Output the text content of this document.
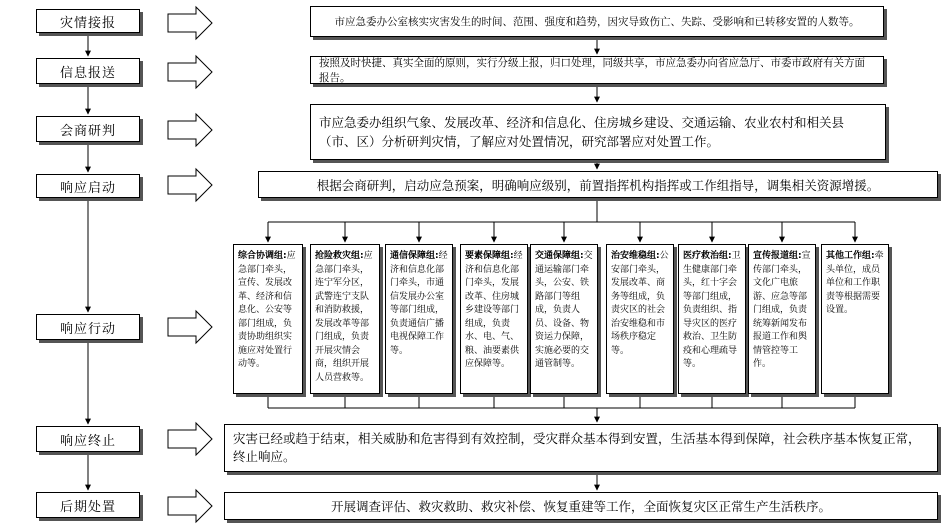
灾情接报
信息报送
会商研判
响应启动
响应行动
响应终止
后期处置
市应急委办公室核实灾害发生的时间、范围、强度和趋势，因灾导致伤亡、失踪、受影响和已转移安置的人数等。
按照及时快捷、真实全面的原则，实行分级上报，归口处理，同级共享，市应急委办向省应急厅、市委市政府有关方面报告。
市应急委办组织气象、发展改革、经济和信息化、住房城乡建设、交通运输、农业农村和相关县（市、区）分析研判灾情，了解应对处置情况，研究部署应对处置工作。
根据会商研判，启动应急预案，明确响应级别，前置指挥机构指挥或工作组指导，调集相关资源增援。
灾害已经或趋于结束，相关威胁和危害得到有效控制，受灾群众基本得到安置，生活基本得到保障，社会秩序基本恢复正常，终止响应。
开展调查评估、救灾救助、救灾补偿、恢复重建等工作，全面恢复灾区正常生产生活秩序。
综合协调组:应急部门牵头，宣传、发展改革、经济和信息化、公安等部门组成，负责协助组织实施应对处置行动等。
抢险救灾组:应急部门牵头，连宁军分区，武警连宁支队和消防救援，发展改革等部门组成，负责开展灾情会商，组织开展人员营救等。
通信保障组:经济和信息化部门牵头，市通信发展办公室等部门组成，负责通信广播电视保障工作等。
要素保障组:经济和信息化部门牵头，发展改革、住房城乡建设等部门组成，负责水、电、气、粮、油要素供应保障等。
交通保障组:交通运输部门牵头，公安、铁路部门等组成，负责人员、设备、物资运力保障，实施必要的交通管制等。
治安维稳组:公安部门牵头，发展改革、商务等组成，负责灾区的社会治安维稳和市场秩序稳定等。
医疗救治组:卫生健康部门牵头，红十字会等部门组成，负责组织、指导灾区的医疗救治、卫生防疫和心理疏导等。
宣传报道组:宣传部门牵头，文化广电旅游、应急等部门组成，负责统筹新闻发布报道工作和舆情管控等工作。
其他工作组:牵头单位，成员单位和工作职责等根据需要设置。
